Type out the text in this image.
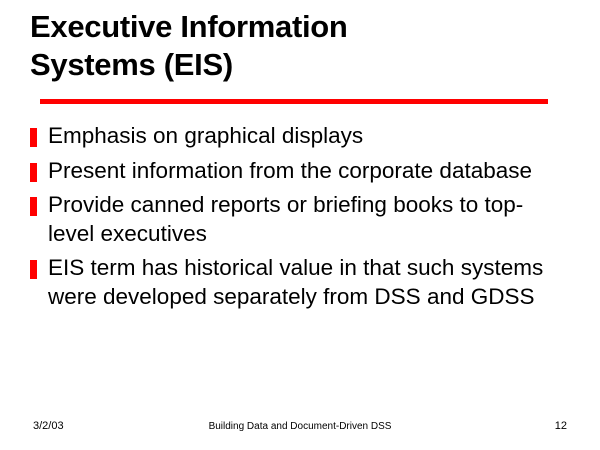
Executive Information
Systems (EIS)
Emphasis on graphical displays
Present information from the corporate database
Provide canned reports or briefing books to top-level executives
EIS term has historical value in that such systems were developed separately from DSS and GDSS
3/2/03	Building Data and Document-Driven DSS	12
